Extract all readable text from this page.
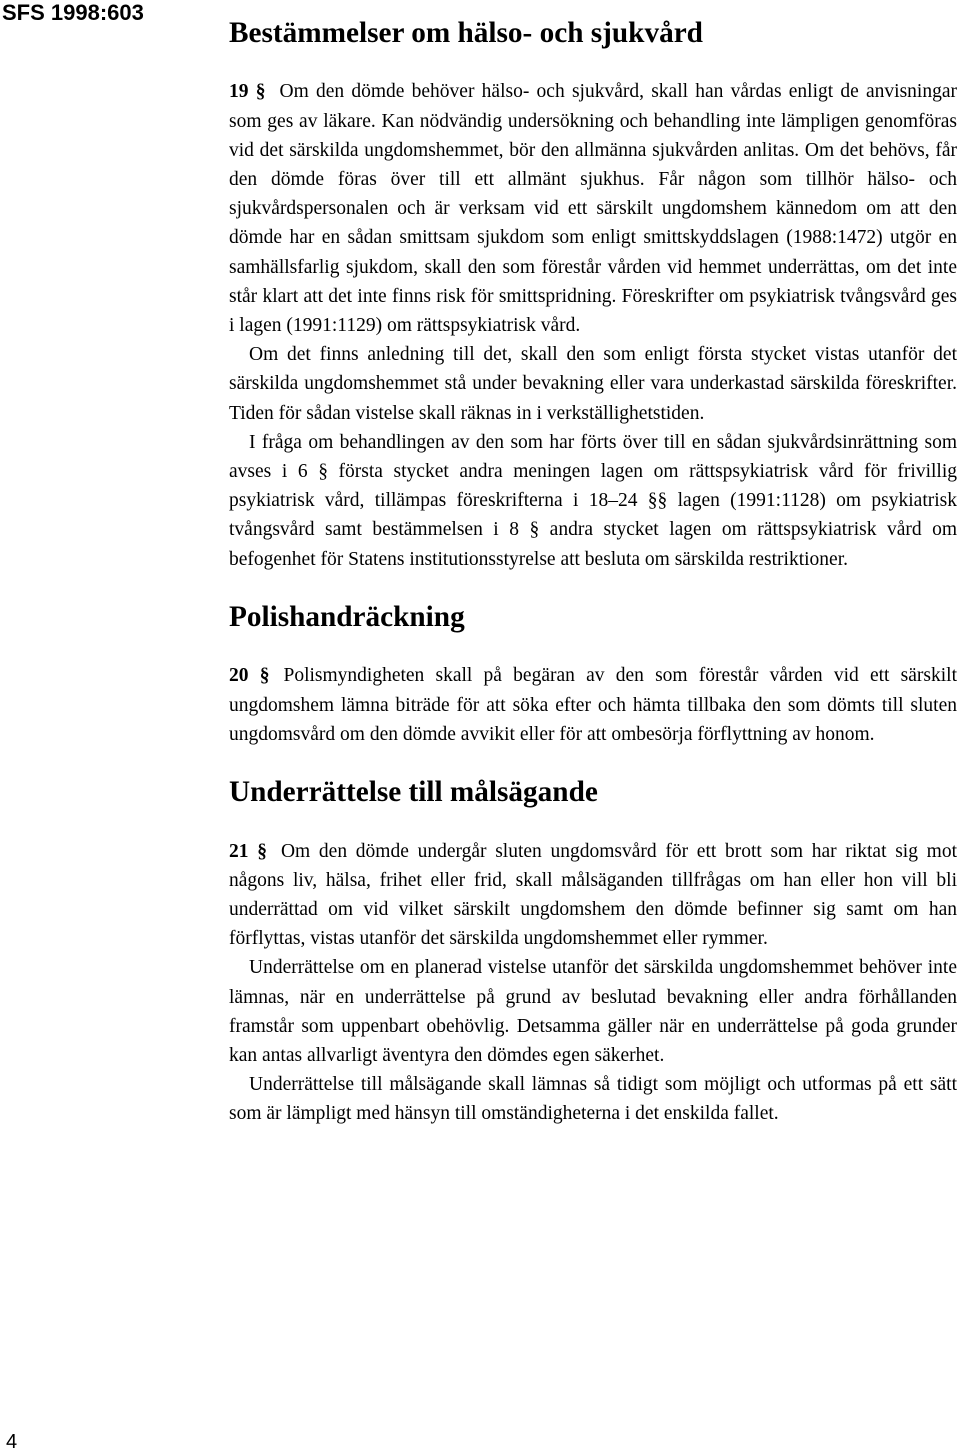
SFS 1998:603
Bestämmelser om hälso- och sjukvård

19 § Om den dömde behöver hälso- och sjukvård, skall han vårdas enligt de anvisningar som ges av läkare. Kan nödvändig undersökning och behandling inte lämpligen genomföras vid det särskilda ungdomshemmet, bör den allmänna sjukvården anlitas. Om det behövs, får den dömde föras över till ett allmänt sjukhus. Får någon som tillhör hälso- och sjukvårdspersonalen och är verksam vid ett särskilt ungdomshem kännedom om att den dömde har en sådan smittsam sjukdom som enligt smittskyddslagen (1988:1472) utgör en samhällsfarlig sjukdom, skall den som förestår vården vid hemmet underrättas, om det inte står klart att det inte finns risk för smittspridning. Föreskrifter om psykiatrisk tvångsvård ges i lagen (1991:1129) om rättspsykiatrisk vård.

Om det finns anledning till det, skall den som enligt första stycket vistas utanför det särskilda ungdomshemmet stå under bevakning eller vara underkastad särskilda föreskrifter. Tiden för sådan vistelse skall räknas in i verkställighetstiden.

I fråga om behandlingen av den som har förts över till en sådan sjukvårdsinrättning som avses i 6 § första stycket andra meningen lagen om rättspsykiatrisk vård för frivillig psykiatrisk vård, tillämpas föreskrifterna i 18–24 §§ lagen (1991:1128) om psykiatrisk tvångsvård samt bestämmelsen i 8 § andra stycket lagen om rättspsykiatrisk vård om befogenhet för Statens institutionsstyrelse att besluta om särskilda restriktioner.

Polishandräckning

20 § Polismyndigheten skall på begäran av den som förestår vården vid ett särskilt ungdomshem lämna biträde för att söka efter och hämta tillbaka den som dömts till sluten ungdomsvård om den dömde avvikit eller för att ombesörja förflyttning av honom.

Underrättelse till målsägande

21 § Om den dömde undergår sluten ungdomsvård för ett brott som har riktat sig mot någons liv, hälsa, frihet eller frid, skall målsäganden tillfrågas om han eller hon vill bli underrättad om vid vilket särskilt ungdomshem den dömde befinner sig samt om han förflyttas, vistas utanför det särskilda ungdomshemmet eller rymmer.

Underrättelse om en planerad vistelse utanför det särskilda ungdomshemmet behöver inte lämnas, när en underrättelse på grund av beslutad bevakning eller andra förhållanden framstår som uppenbart obehövlig. Detsamma gäller när en underrättelse på goda grunder kan antas allvarligt äventyra den dömdes egen säkerhet.

Underrättelse till målsägande skall lämnas så tidigt som möjligt och utformas på ett sätt som är lämpligt med hänsyn till omständigheterna i det enskilda fallet.

4
